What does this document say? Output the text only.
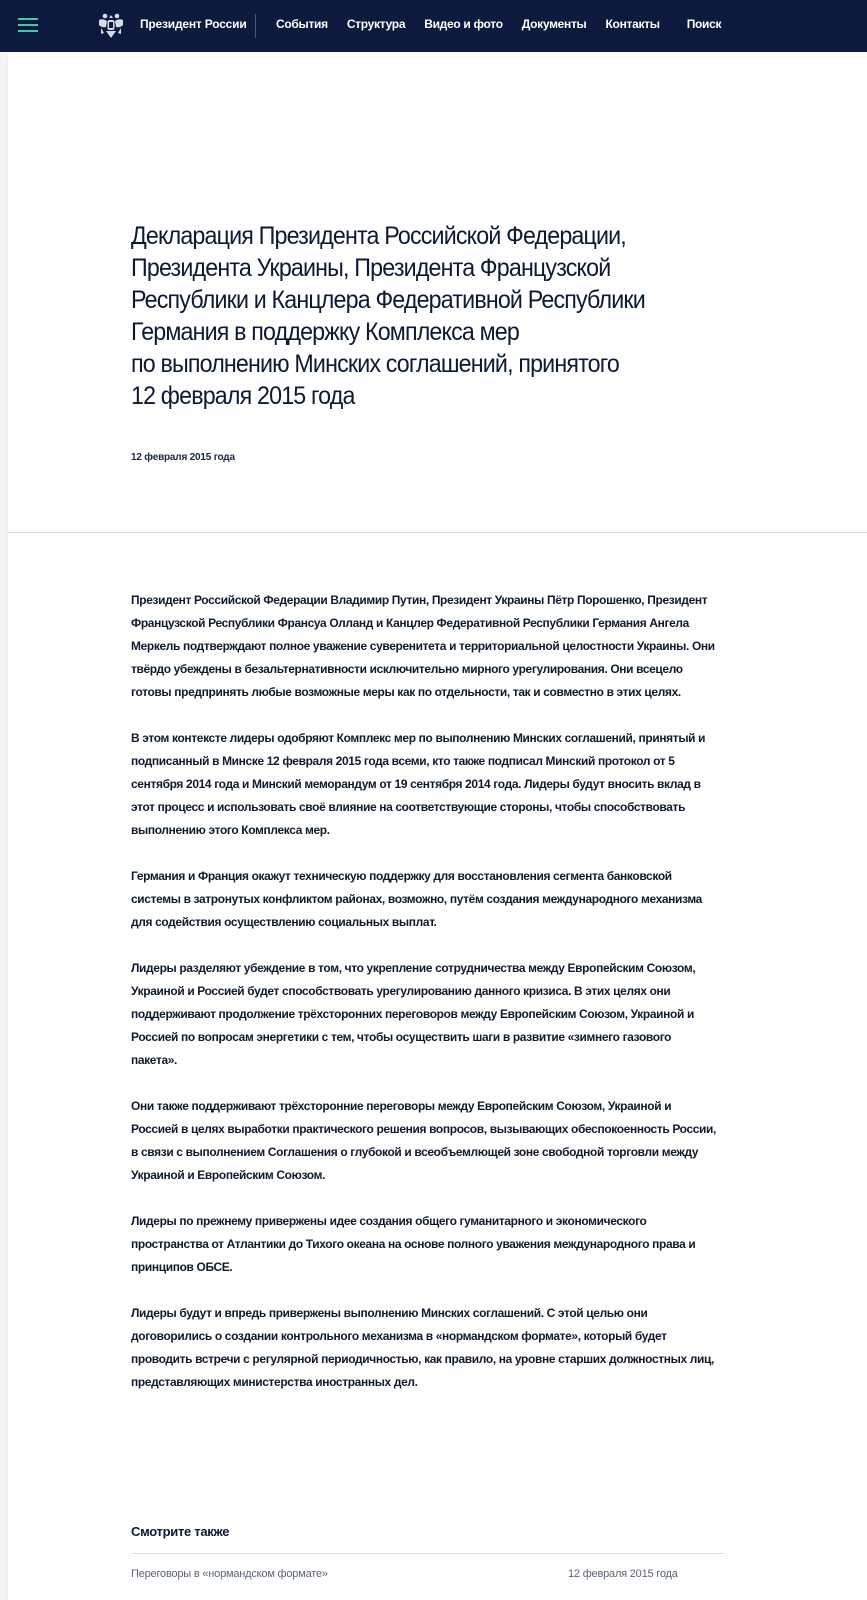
Президент России События Структура Видео и фото Документы Контакты Поиск
Декларация Президента Российской Федерации,
Президента Украины, Президента Французской
Республики и Канцлера Федеративной Республики
Германия в поддержку Комплекса мер
по выполнению Минских соглашений, принятого
12 февраля 2015 года
12 февраля 2015 года

Президент Российской Федерации Владимир Путин, Президент Украины Пётр Порошенко, Президент Французской Республики Франсуа Олланд и Канцлер Федеративной Республики Германия Ангела Меркель подтверждают полное уважение суверенитета и территориальной целостности Украины. Они твёрдо убеждены в безальтернативности исключительно мирного урегулирования. Они всецело готовы предпринять любые возможные меры как по отдельности, так и совместно в этих целях.

В этом контексте лидеры одобряют Комплекс мер по выполнению Минских соглашений, принятый и подписанный в Минске 12 февраля 2015 года всеми, кто также подписал Минский протокол от 5 сентября 2014 года и Минский меморандум от 19 сентября 2014 года. Лидеры будут вносить вклад в этот процесс и использовать своё влияние на соответствующие стороны, чтобы способствовать выполнению этого Комплекса мер.

Германия и Франция окажут техническую поддержку для восстановления сегмента банковской системы в затронутых конфликтом районах, возможно, путём создания международного механизма для содействия осуществлению социальных выплат.

Лидеры разделяют убеждение в том, что укрепление сотрудничества между Европейским Союзом, Украиной и Россией будет способствовать урегулированию данного кризиса. В этих целях они поддерживают продолжение трёхсторонних переговоров между Европейским Союзом, Украиной и Россией по вопросам энергетики с тем, чтобы осуществить шаги в развитие «зимнего газового пакета».

Они также поддерживают трёхсторонние переговоры между Европейским Союзом, Украиной и Россией в целях выработки практического решения вопросов, вызывающих обеспокоенность России, в связи с выполнением Соглашения о глубокой и всеобъемлющей зоне свободной торговли между Украиной и Европейским Союзом.

Лидеры по прежнему привержены идее создания общего гуманитарного и экономического пространства от Атлантики до Тихого океана на основе полного уважения международного права и принципов ОБСЕ.

Лидеры будут и впредь привержены выполнению Минских соглашений. С этой целью они договорились о создании контрольного механизма в «нормандском формате», который будет проводить встречи с регулярной периодичностью, как правило, на уровне старших должностных лиц, представляющих министерства иностранных дел.

Смотрите также
Переговоры в «нормандском формате»	12 февраля 2015 года
